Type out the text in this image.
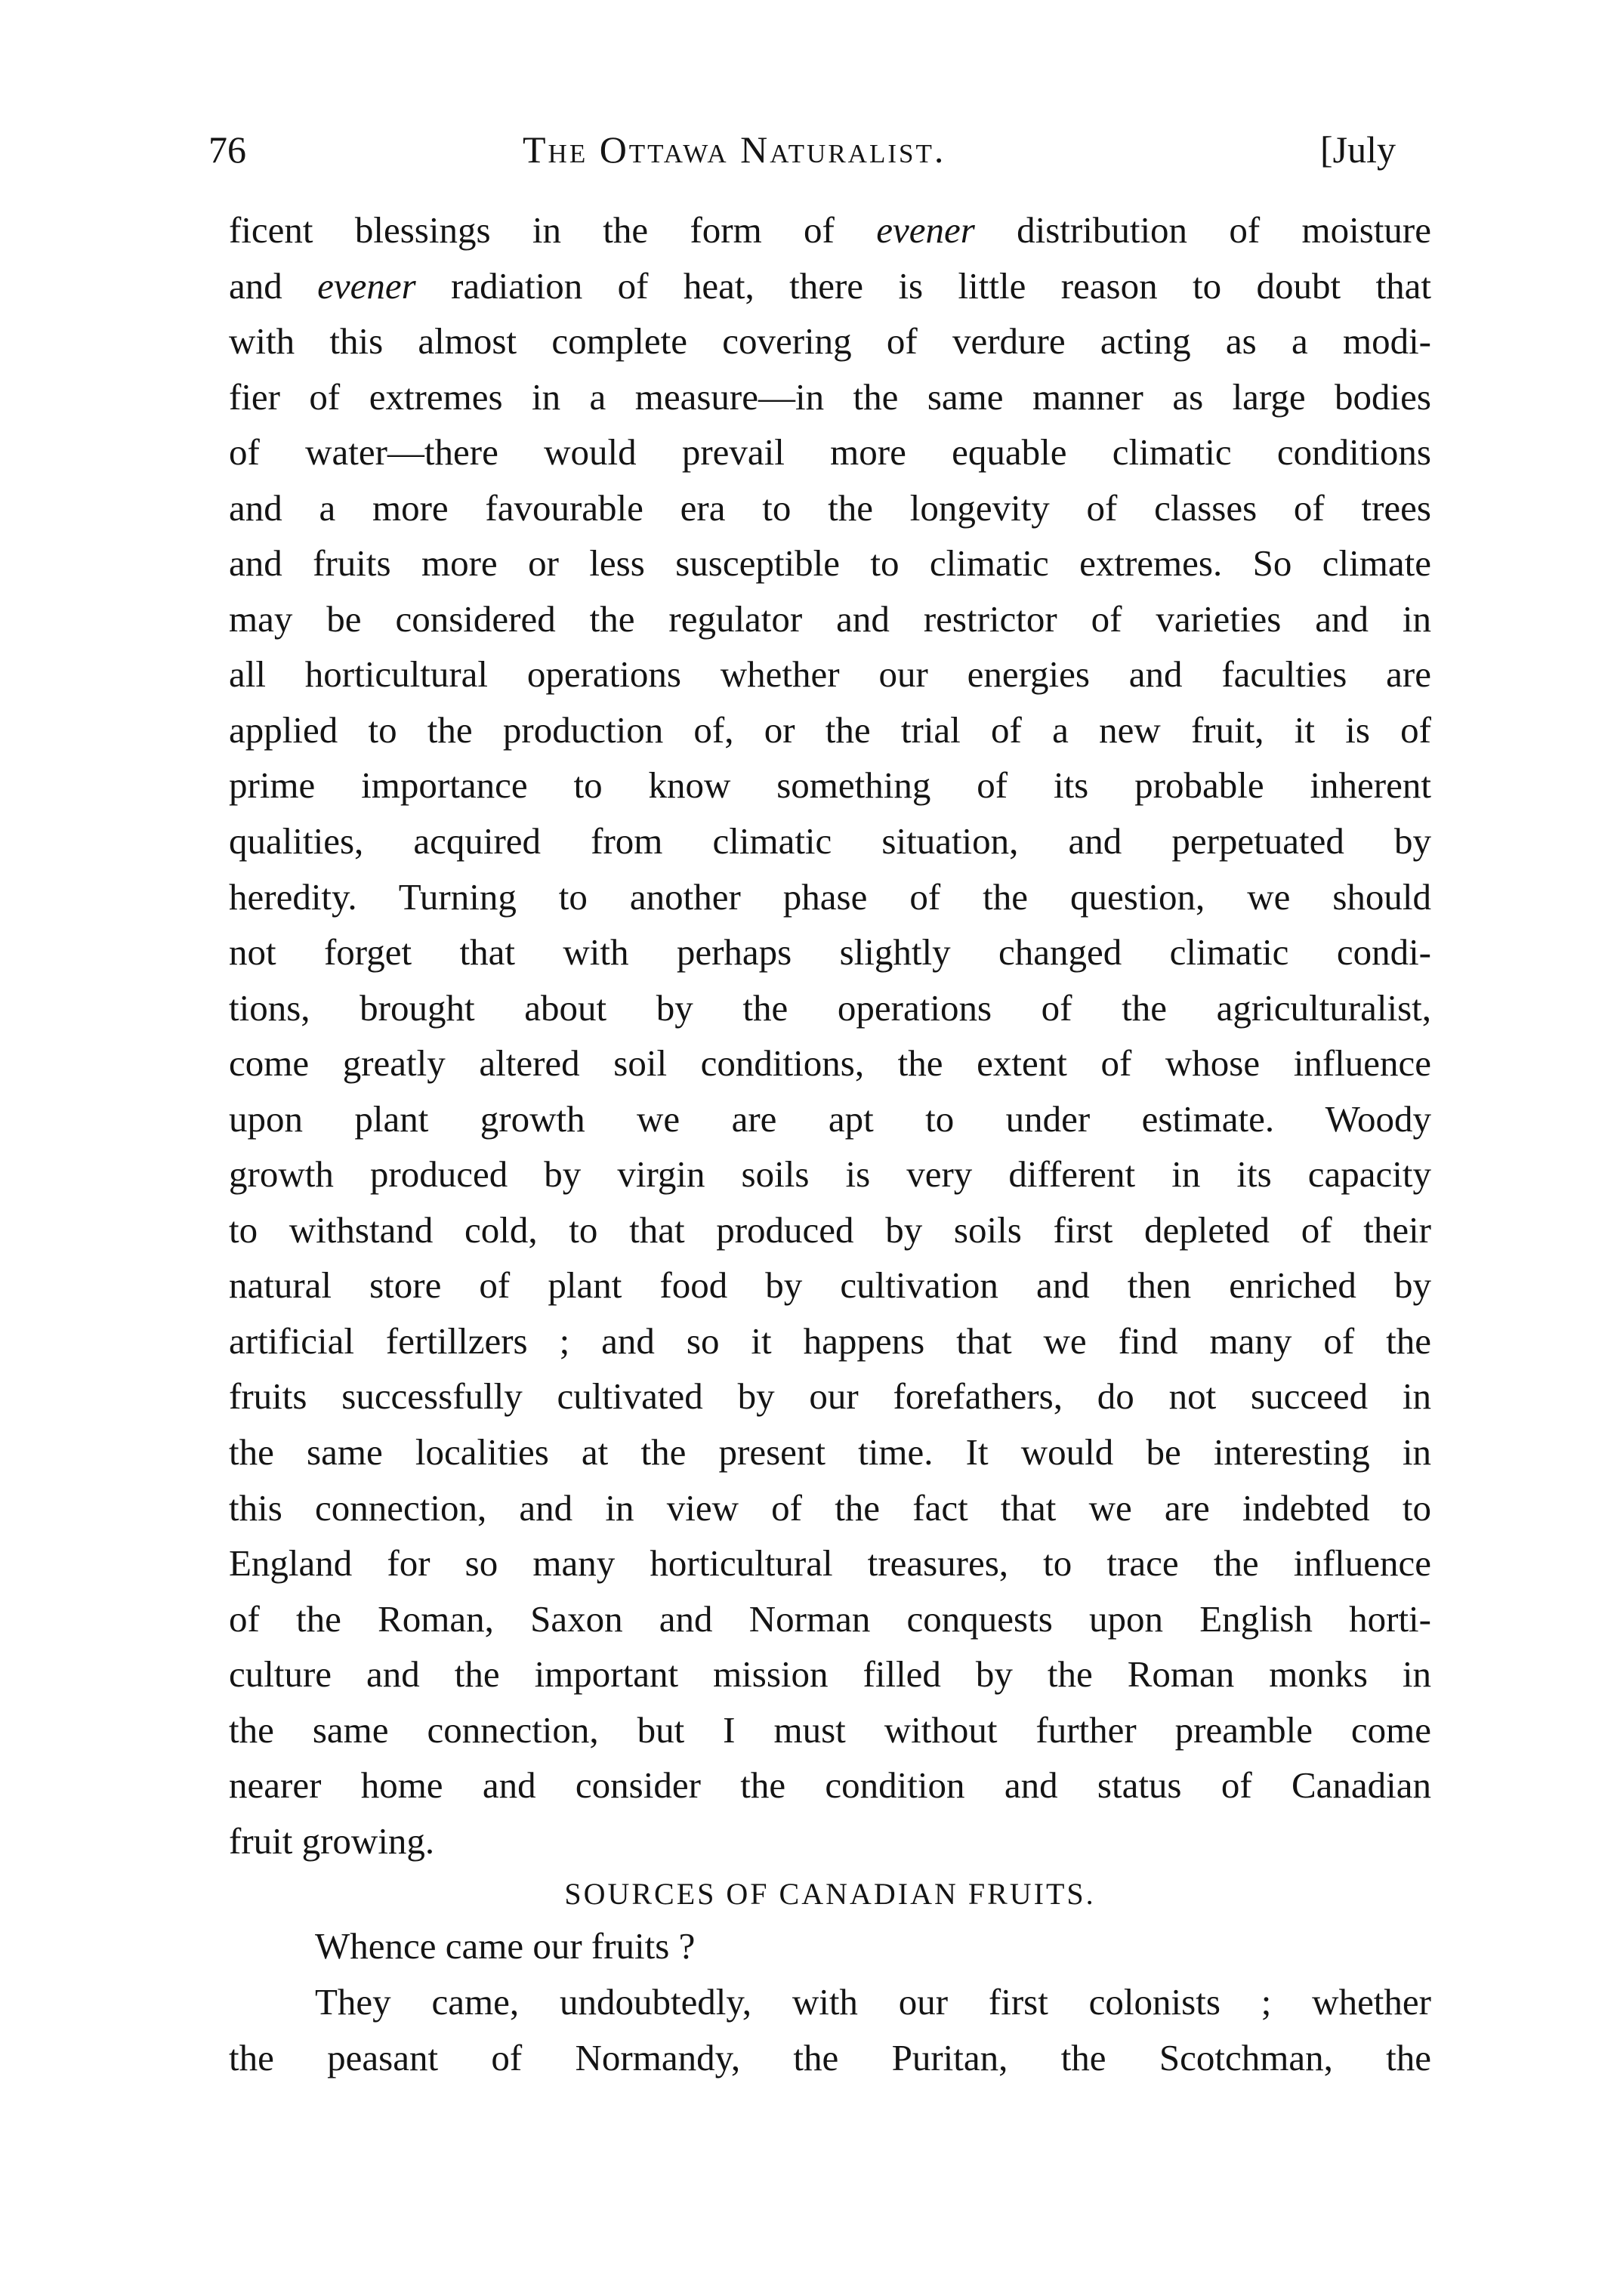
76	The Ottawa Naturalist.	[July
ficent blessings in the form of evener distribution of moisture
and evener radiation of heat, there is little reason to doubt that
with this almost complete covering of verdure acting as a modi-
fier of extremes in a measure—in the same manner as large bodies
of water—there would prevail more equable climatic conditions
and a more favourable era to the longevity of classes of trees
and fruits more or less susceptible to climatic extremes. So climate
may be considered the regulator and restrictor of varieties and in
all horticultural operations whether our energies and faculties are
applied to the production of, or the trial of a new fruit, it is of
prime importance to know something of its probable inherent
qualities, acquired from climatic situation, and perpetuated by
heredity. Turning to another phase of the question, we should
not forget that with perhaps slightly changed climatic condi-
tions, brought about by the operations of the agriculturalist,
come greatly altered soil conditions, the extent of whose influence
upon plant growth we are apt to under estimate. Woody
growth produced by virgin soils is very different in its capacity
to withstand cold, to that produced by soils first depleted of their
natural store of plant food by cultivation and then enriched by
artificial fertillzers ; and so it happens that we find many of the
fruits successfully cultivated by our forefathers, do not succeed in
the same localities at the present time. It would be interesting in
this connection, and in view of the fact that we are indebted to
England for so many horticultural treasures, to trace the influence
of the Roman, Saxon and Norman conquests upon English horti-
culture and the important mission filled by the Roman monks in
the same connection, but I must without further preamble come
nearer home and consider the condition and status of Canadian
fruit growing.
SOURCES OF CANADIAN FRUITS.
Whence came our fruits ?
They came, undoubtedly, with our first colonists ; whether
the peasant of Normandy, the Puritan, the Scotchman, the
